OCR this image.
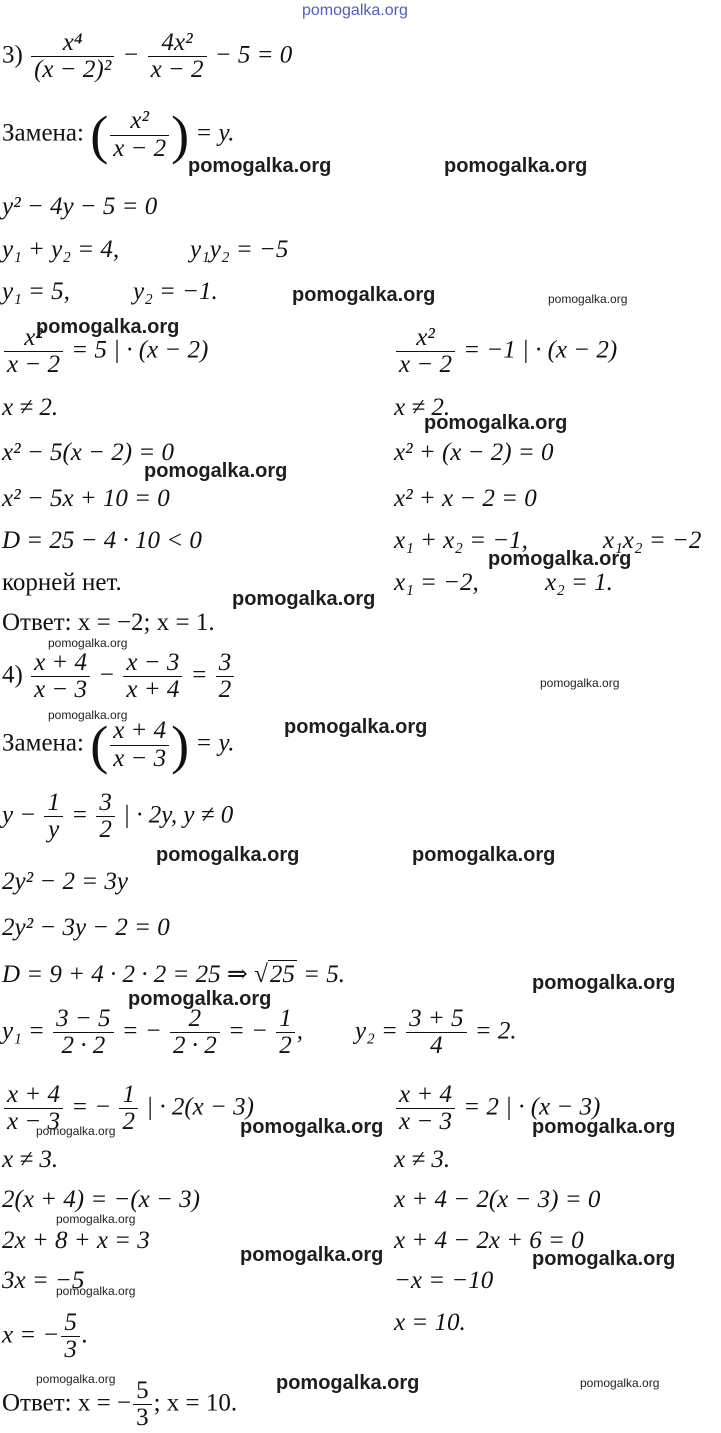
pomogalka.org
$3) \frac{\text{x⁴}}{\text{(x − 2)²}} - \frac{\text{4x²}}{x - 2} - 5 = 0$
Замена: ( $\frac{\text{x²}}{x - 2}$ ) = y.
y² − 4y − 5 = 0
y₁ + y₂ = 4,	y₁y₂ = −5
y₁ = 5,	y₂ = −1.
$\frac{\text{x²}}{x - 2} = 5$ | · (x − 2)
x ≠ 2.
x² − 5(x − 2) = 0
x² − 5x + 10 = 0
D = 25 − 4 · 10 < 0
корней нет.
$\frac{\text{x²}}{x - 2} = -1$ | · (x − 2)
x ≠ 2.
x² + (x − 2) = 0
x² + x − 2 = 0
x₁ + x₂ = −1,	x₁x₂ = −2
x₁ = −2,	x₂ = 1.
Ответ: x = −2; x = 1.
$4) \frac{x + 4}{x - 3} - \frac{x - 3}{x + 4} = \frac{3}{2}$
Замена: ( $\frac{x + 4}{x - 3}$ ) = y.
$y - \frac{1}{y} = \frac{3}{2}$ | · 2y, y ≠ 0
2y² − 2 = 3y
2y² − 3y − 2 = 0
D = 9 + 4 · 2 · 2 = 25 ⇒ √25 = 5.
$y_1 = \frac{3 - 5}{2 \cdot 2}$ = − $\frac{2}{2 \cdot 2}$ = − $\frac{1}{2}$ , $y_2 = \frac{3 + 5}{4} = 2$.
$\frac{x + 4}{x - 3}$ = − $\frac{1}{2}$ | · 2(x − 3)
x ≠ 3.
2(x + 4) = −(x − 3)
2x + 8 + x = 3
3x = −5
x = − $\frac{5}{3}$ .
$\frac{x + 4}{x - 3} = 2$ | · (x − 3)
x ≠ 3.
x + 4 − 2(x − 3) = 0
x + 4 − 2x + 6 = 0
−x = −10
x = 10.
Ответ: x = − $\frac{5}{3}$ ; x = 10.
pomogalka.org	pomogalka.org
pomogalka.org	pomogalka.org
pomogalka.org
pomogalka.org
pomogalka.org
pomogalka.org
pomogalka.org
pomogalka.org
pomogalka.org
pomogalka.org
pomogalka.org
pomogalka.org	pomogalka.org
pomogalka.org
pomogalka.org
pomogalka.org	pomogalka.org	pomogalka.org
pomogalka.org
pomogalka.org	pomogalka.org
pomogalka.org
pomogalka.org	pomogalka.org	pomogalka.org
